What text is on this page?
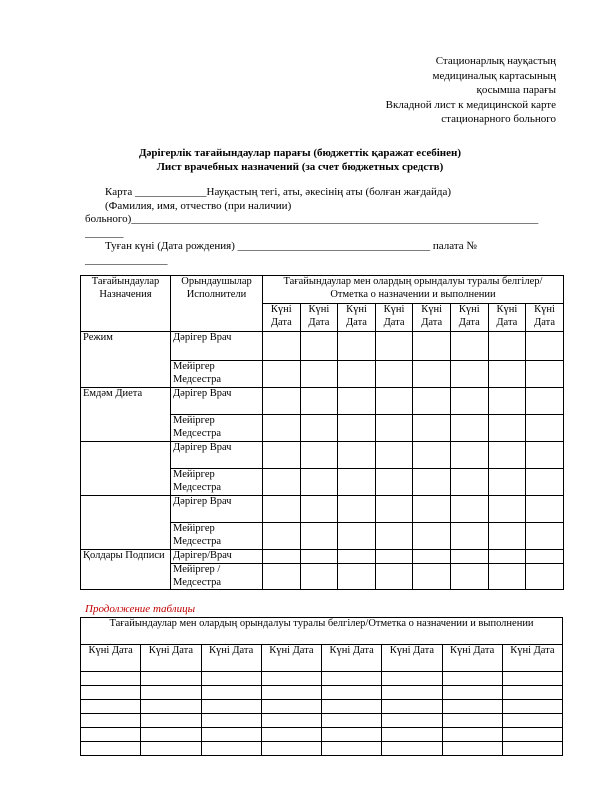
Стационарлық науқастың
медициналық картасының
қосымша парағы
Вкладной лист к медицинской карте
стационарного больного
Дәрігерлік тағайындаулар парағы (бюджеттік қаражат есебінен)
Лист врачебных назначений (за счет бюджетных средств)
Карта _____________Науқастың тегі, аты, әкесінің аты (болған жағдайда)
(Фамилия, имя, отчество (при наличии)
больного)__________________________________________________________________________
_______
Туған күні (Дата рождения) ___________________________________ палата №
_______________
Тағайындаулар Назначения	Орындаушылар Исполнители	Тағайындаулар мен олардың орындалуы туралы белгілер/Отметка о назначении и выполнении							
		Күні Дата	Күні Дата	Күні Дата	Күні Дата	Күні Дата	Күні Дата	Күні Дата	Күні Дата
Режим	Дәрігер Врач								
	Мейіргер Медсестра								
Емдәм Диета	Дәрігер Врач								
	Мейіргер Медсестра								
	Дәрігер Врач								
	Мейіргер Медсестра								
	Дәрігер Врач								
	Мейіргер Медсестра								
Қолдары Подписи	Дәрігер/Врач								
	Мейіргер /Медсестра								
Продолжение таблицы
Тағайындаулар мен олардың орындалуы туралы белгілер/Отметка о назначении и выполнении							
Күні Дата	Күні Дата	Күні Дата	Күні Дата	Күні Дата	Күні Дата	Күні Дата	Күні Дата
